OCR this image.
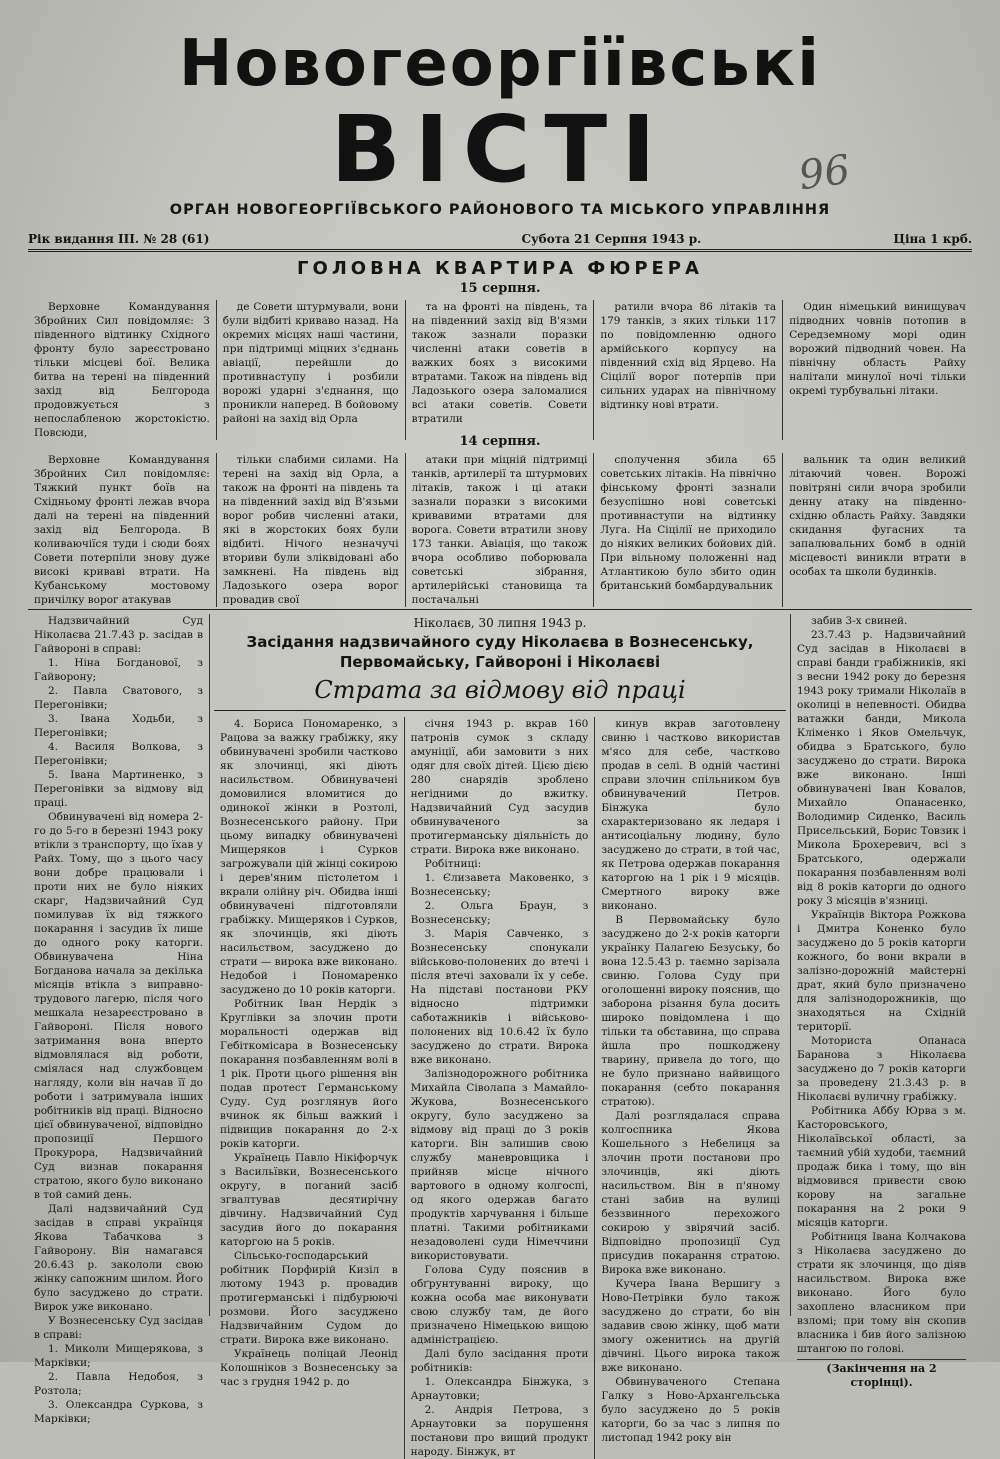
96
Новогеоргіївські
ВІСТІ
ОРГАН НОВОГЕОРГІЇВСЬКОГО РАЙОНОВОГО ТА МІСЬКОГО УПРАВЛІННЯ
Рік видання III. № 28 (61)	Субота 21 Серпня 1943 р.	Ціна 1 крб.
ГОЛОВНА КВАРТИРА ФЮРЕРА
15 серпня.

Верховне Командування Збройних Сил повідомляє: З південного відтинку Східного фронту було зареєстровано тільки місцеві бої. Велика битва на терені на південний захід від Белгорода продовжується з непослабленою жорстокістю. Повсюди,

де Совети штурмували, вони були відбиті криваво назад. На окремих місцях наші частини, при підтримці міцних з'єднань авіації, перейшли до противнаступу і розбили ворожі ударні з'єднання, що проникли наперед. В бойовому районі на захід від Орла

та на фронті на південь, та на південний захід від В'язми також зазнали поразки численні атаки советів в важких боях з високими втратами. Також на південь від Ладозького озера заломалися всі атаки советів. Совети втратили

ратили вчора 86 літаків та 179 танків, з яких тільки 117 по повідомленню одного армійського корпусу на південний схід від Ярцево. На Сіцілії ворог потерпів при сильних ударах на північному відтинку нові втрати.

Один німецький винищувач підводних човнів потопив в Середземному морі один ворожий підводний човен. На північну область Райху налітали минулої ночі тільки окремі турбувальні літаки.

14 серпня.

Верховне Командування Збройних Сил повідомляє: Тяжкий пункт боїв на Східньому фронті лежав вчора далі на терені на південний захід від Белгорода. В коливаючіїся туди і сюди боях Совети потерпіли знову дуже високі криваві втрати. На Кубанському мостовому причілку ворог атакував

тільки слабими силами. На терені на захід від Орла, а також на фронті на південь та на південний захід від В'язьми ворог робив численні атаки, які в жорстоких боях були відбиті. Нічого незначучі вториви були зліквідовані або замкнені. На південь від Ладозького озера ворог провадив свої

атаки при міцній підтримці танків, артилерії та штурмових літаків, також і ці атаки зазнали поразки з високими кривавими втратами для ворога. Совети втратили знову 173 танки. Авіація, що також вчора особливо поборювала советські зібрання, артилерійські становища та постачальні

сполучення збила 65 советських літаків. На північно фінському фронті зазнали безуспішно нові советські противнаступи на відтинку Луга. На Сіцілії не приходило до ніяких великих бойових дій. При вільному положенні над Атлантикою було збито один британський бомбардувальник

вальник та один великий літаючий човен. Ворожі повітряні сили вчора зробили денну атаку на південно-східню область Райху. Завдяки скидання фугасних та запалювальних бомб в одній місцевості виникли втрати в особах та школи будинків.

Надзвичайний Суд Ніколаєва 21.7.43 р. засідав в Гайвороні в справі:

1. Ніна Богданової, з Гайворону;

2. Павла Сватового, з Перегонівки;

3. Івана Ходьби, з Перегонівки;

4. Василя Волкова, з Перегонівки;

5. Івана Мартиненко, з Перегонівки за відмову від праці.

Обвинувачені від номера 2-го до 5-го в березні 1943 року втікли з транспорту, що їхав у Райх. Тому, що з цього часу вони добре працювали і проти них не було ніяких скарг, Надзвичайний Суд помилував їх від тяжкого покарання і засудив їх лише до одного року каторги. Обвинувачена Ніна Богданова начала за декілька місяців втікла з виправно-трудового лагерю, після чого мешкала незареєстровано в Гайвороні. Після нового затримання вона вперто відмовлялася від роботи, сміялася над службовцем нагляду, коли він начав її до роботи і затримувала інших робітників від праці. Відносно цієї обвинуваченої, відповідно пропозиції Першого Прокурора, Надзвичайний Суд визнав покарання стратою, якого було виконано в той самий день.

Далі надзвичайний Суд засідав в справі українця Якова Табачкова з Гайворону. Він намагався 20.6.43 р. закололи свою жінку сапожним шилом. Його було засуджено до страти. Вирок уже виконано.

У Вознесенську Суд засідав в справі:

1. Миколи Мищерякова, з Марківки;

2. Павла Недобоя, з Розтола;

3. Олександра Суркова, з Марківки;

Ніколаєв, 30 липня 1943 р.
Засідання надзвичайного суду Ніколаєва в Вознесенську, Первомайську, Гайвороні і Ніколаєві
Страта за відмову від праці

4. Бориса Пономаренко, з Рацова за важку грабіжку, яку обвинувачені зробили частково як злочинці, які діють насильством. Обвинувачені домовилися вломитися до одинокої жінки в Розтолі, Вознесенського району. При цьому випадку обвинувачені Мищеряков і Сурков загрожували цій жінці сокирою і дерев'яним пістолетом і вкрали олійну річ. Обидва інші обвинувачені підготовляли грабіжку. Мищеряков і Сурков, як злочинців, які діють насильством, засуджено до страти — вирока вже виконано. Недобой і Пономаренко засуджено до 10 років каторги.

Робітник Іван Нердік з Круглівки за злочин проти моральності одержав від Гебіткомісара в Вознесенську покарання позбавленням волі в 1 рік. Проти цього рішення він подав протест Германському Суду. Суд розглянув його вчинок як більш важкий і підвищив покарання до 2-х років каторги.

Українець Павло Нікіфорчук з Васильївки, Вознесенського округу, в поганий засіб згвалтував десятирічну дівчину. Надзвичайний Суд засудив його до покарання каторгою на 5 років.

Сільсько-господарський робітник Порфирій Кизіл в лютому 1943 р. провадив протигерманські і підбурюючі розмови. Його засуджено Надзвичайним Судом до страти. Вирока вже виконано.

Українець поліцай Леонід Колошніков з Вознесенську за час з грудня 1942 р. до

січня 1943 р. вкрав 160 патронів сумок з складу амуніції, аби замовити з них одяг для своїх дітей. Цією дією 280 снарядів зроблено негідними до вжитку. Надзвичайний Суд засудив обвинуваченого за протигерманську діяльність до страти. Вирока вже виконано.

Робітниці:

1. Єлизавета Маковенко, з Вознесенську;

2. Ольга Браун, з Вознесенську;

3. Марія Савченко, з Вознесенську спонукали військово-полонених до втечі і після втечі заховали їх у себе. На підставі постанови РКУ відносно підтримки саботажників і військово-полонених від 10.6.42 їх було засуджено до страти. Вирока вже виконано.

Залізнодорожного робітника Михайла Сіволапа з Мамайло-Жукова, Вознесенського округу, було засуджено за відмову від праці до 3 років каторги. Він залишив свою службу маневровщика і прийняв місце нічного вартового в одному колгоспі, од якого одержав багато продуктів харчування і більше платні. Такими робітниками незадоволені суди Німеччини використовувати.

Голова Суду пояснив в обґрунтуванні вироку, що кожна особа має виконувати свою службу там, де його призначено Німецькою вищою адміністрацією.

Далі було засідання проти робітників:

1. Олександра Бінжука, з Арнаутовки;

2. Андрія Петрова, з Арнаутовки за порушення постанови про вищий продукт народу. Бінжук, вт

кинув вкрав заготовлену свиню і частково використав м'ясо для себе, частково продав в селі. В одній частині справи злочин спільником був обвинувачений Петров. Бінжука було схарактеризовано як ледаря і антисоціальну людину, було засуджено до страти, в той час, як Петрова одержав покарання каторгою на 1 рік і 9 місяців. Смертного вироку вже виконано.

В Первомайську було засуджено до 2-х років каторги українку Палагею Безуську, бо вона 12.5.43 р. таємно зарізала свиню. Голова Суду при оголошенні вироку пояснив, що заборона різання була досить широко повідомлена і що тільки та обставина, що справа йшла про пошкоджену тварину, привела до того, що не було признано найвищого покарання (себто покарання стратою).

Далі розглядалася справа колгоспника Якова Кошельного з Небелиця за злочин проти постанови про злочинців, які діють насильством. Він в п'яному стані забив на вулиці беззвинного перехожого сокирою у звірячий засіб. Відповідно пропозиції Суд присудив покарання стратою. Вирока вже виконано.

Кучера Івана Вершигу з Ново-Петрівки було також засуджено до страти, бо він задавив свою жінку, щоб мати змогу оженитись на другій дівчині. Цього вирока також вже виконано.

Обвинуваченого Степана Галку з Ново-Архангельська було засуджено до 5 років каторги, бо за час з липня по листопад 1942 року він

забив 3-х свиней.

23.7.43 р. Надзвичайний Суд засідав в Ніколаєві в справі банди грабіжників, які з весни 1942 року до березня 1943 року тримали Ніколаїв в околиці в непевності. Обидва ватажки банди, Микола Кліменко і Яков Омельчук, обидва з Братського, було засуджено до страти. Вирока вже виконано. Інші обвинувачені Іван Ковалов, Михайло Опанасенко, Володимир Сиденко, Василь Присельський, Борис Товзик і Микола Брохеревич, всі з Братського, одержали покарання позбавленням волі від 8 років каторги до одного року 3 місяців в'язниці.

Українців Віктора Рожкова і Дмитра Коненко було засуджено до 5 років каторги кожного, бо вони вкрали в залізно-дорожній майстерні драт, який було призначено для залізнодорожників, що знаходяться на Східній території.

Моториста Опанаса Баранова з Ніколаєва засуджено до 7 років каторги за проведену 21.3.43 р. в Ніколаєві вуличну грабіжку.

Робітника Аббу Юрва з м. Касторовського, Ніколаївської області, за таємний убій худоби, таємний продаж бика і тому, що він відмовився привести свою корову на загальне покарання на 2 роки 9 місяців каторги.

Робітниця Івана Колчакова з Ніколаєва засуджено до страти як злочинця, що діяв насильством. Вирока вже виконано. Його було захоплено власником при взломі; при тому він скопив власника і бив його залізною штангою по голові.

(Закінчення на 2 сторінці).
